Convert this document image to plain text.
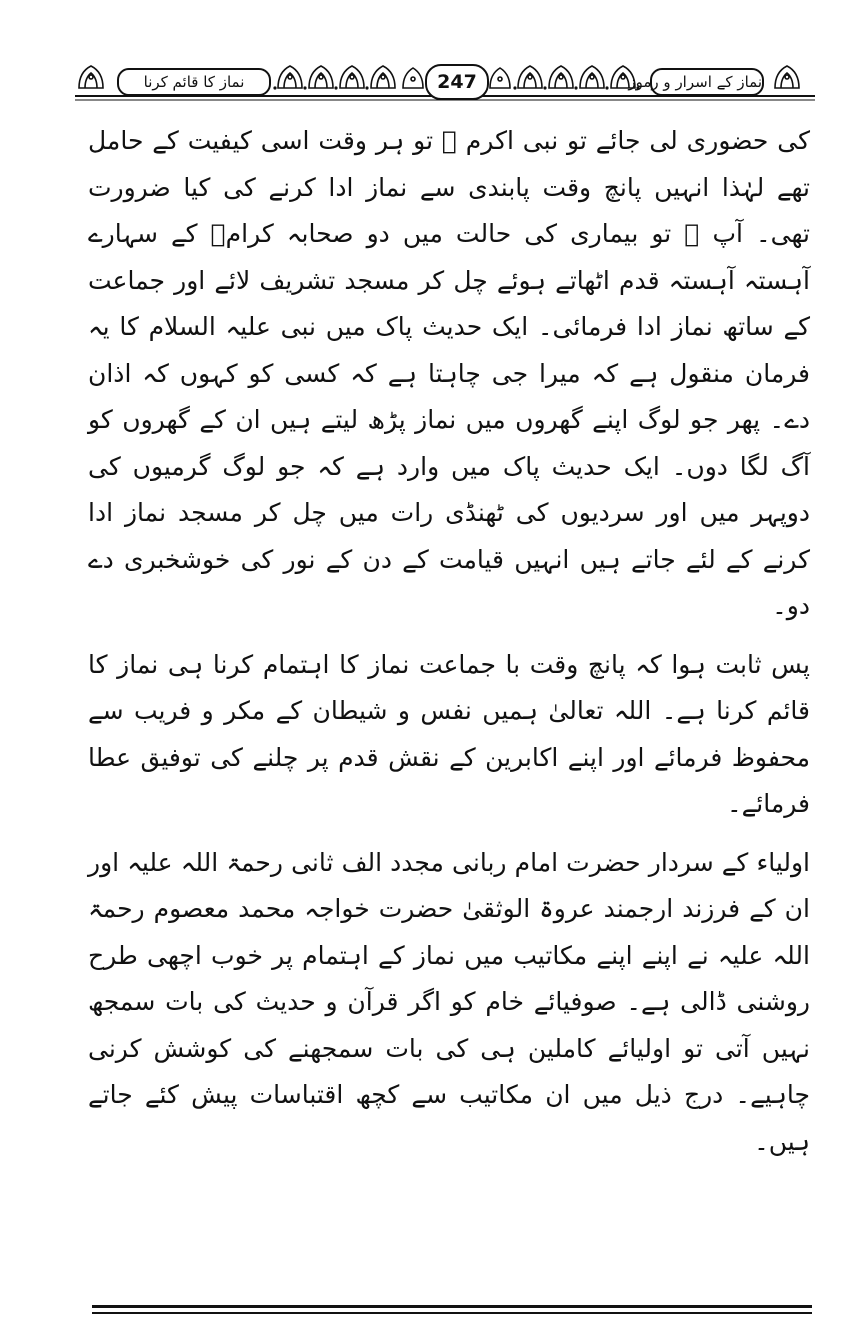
نماز کا قائم کرنا	247	نماز کے اسرار و رموز

کی حضوری لی جائے تو نبی اکرم ﷺ تو ہر وقت اسی کیفیت کے حامل تھے لہٰذا انہیں پانچ وقت پابندی سے نماز ادا کرنے کی کیا ضرورت تھی۔ آپ ﷺ تو بیماری کی حالت میں دو صحابہ کرامؓ کے سہارے آہستہ آہستہ قدم اٹھاتے ہوئے چل کر مسجد تشریف لائے اور جماعت کے ساتھ نماز ادا فرمائی۔ ایک حدیث پاک میں نبی علیہ السلام کا یہ فرمان منقول ہے کہ میرا جی چاہتا ہے کہ کسی کو کہوں کہ اذان دے۔ پھر جو لوگ اپنے گھروں میں نماز پڑھ لیتے ہیں ان کے گھروں کو آگ لگا دوں۔ ایک حدیث پاک میں وارد ہے کہ جو لوگ گرمیوں کی دوپہر میں اور سردیوں کی ٹھنڈی رات میں چل کر مسجد نماز ادا کرنے کے لئے جاتے ہیں انہیں قیامت کے دن کے نور کی خوشخبری دے دو۔

پس ثابت ہوا کہ پانچ وقت با جماعت نماز کا اہتمام کرنا ہی نماز کا قائم کرنا ہے۔ اللہ تعالیٰ ہمیں نفس و شیطان کے مکر و فریب سے محفوظ فرمائے اور اپنے اکابرین کے نقش قدم پر چلنے کی توفیق عطا فرمائے۔

اولیاء کے سردار حضرت امام ربانی مجدد الف ثانی رحمۃ اللہ علیہ اور ان کے فرزند ارجمند عروۃ الوثقیٰ حضرت خواجہ محمد معصوم رحمۃ اللہ علیہ نے اپنے اپنے مکاتیب میں نماز کے اہتمام پر خوب اچھی طرح روشنی ڈالی ہے۔ صوفیائے خام کو اگر قرآن و حدیث کی بات سمجھ نہیں آتی تو اولیائے کاملین ہی کی بات سمجھنے کی کوشش کرنی چاہیے۔ درج ذیل میں ان مکاتیب سے کچھ اقتباسات پیش کئے جاتے ہیں۔
